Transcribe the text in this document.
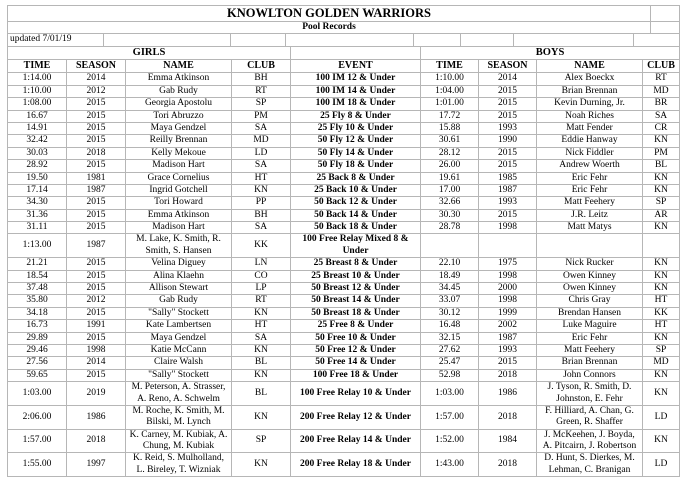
KNOWLTON GOLDEN WARRIORS	
Pool Records	
updated 7/01/19							
GIRLS					BOYS			
TIME	SEASON	NAME	CLUB	EVENT	TIME	SEASON	NAME	CLUB
1:14.00	2014	Emma Atkinson	BH	100 IM 12 & Under	1:10.00	2014	Alex Boeckx	RT
1:10.00	2012	Gab Rudy	RT	100 IM 14 & Under	1:04.00	2015	Brian Brennan	MD
1:08.00	2015	Georgia Apostolu	SP	100 IM 18 & Under	1:01.00	2015	Kevin Durning, Jr.	BR
16.67	2015	Tori Abruzzo	PM	25 Fly 8 & Under	17.72	2015	Noah Riches	SA
14.91	2015	Maya Gendzel	SA	25 Fly 10 & Under	15.88	1993	Matt Fender	CR
32.42	2015	Reilly Brennan	MD	50 Fly 12 & Under	30.61	1990	Eddie Hanway	KN
30.03	2018	Kelly Mekoue	LD	50 Fly 14 & Under	28.12	2015	Nick Fiddler	PM
28.92	2015	Madison Hart	SA	50 Fly 18 & Under	26.00	2015	Andrew Woerth	BL
19.50	1981	Grace Cornelius	HT	25 Back 8 & Under	19.61	1985	Eric Fehr	KN
17.14	1987	Ingrid Gotchell	KN	25 Back 10 & Under	17.00	1987	Eric Fehr	KN
34.30	2015	Tori Howard	PP	50 Back 12 & Under	32.66	1993	Matt Feehery	SP
31.36	2015	Emma Atkinson	BH	50 Back 14 & Under	30.30	2015	J.R. Leitz	AR
31.11	2015	Madison Hart	SA	50 Back 18 & Under	28.78	1998	Matt Matys	KN
1:13.00	1987	M. Lake, K. Smith, R. Smith, S. Hansen	KK	100 Free Relay Mixed 8 & Under				
21.21	2015	Velina Diguey	LN	25 Breast 8 & Under	22.10	1975	Nick Rucker	KN
18.54	2015	Alina Klaehn	CO	25 Breast 10 & Under	18.49	1998	Owen Kinney	KN
37.48	2015	Allison Stewart	LP	50 Breast 12 & Under	34.45	2000	Owen Kinney	KN
35.80	2012	Gab Rudy	RT	50 Breast 14 & Under	33.07	1998	Chris Gray	HT
34.18	2015	"Sally" Stockett	KN	50 Breast 18 & Under	30.12	1999	Brendan Hansen	KK
16.73	1991	Kate Lambertsen	HT	25 Free 8 & Under	16.48	2002	Luke Maguire	HT
29.89	2015	Maya Gendzel	SA	50 Free 10 & Under	32.15	1987	Eric Fehr	KN
29.46	1998	Katie McCann	KN	50 Free 12 & Under	27.62	1993	Matt Feehery	SP
27.56	2014	Claire Walsh	BL	50 Free 14 & Under	25.47	2015	Brian Brennan	MD
59.65	2015	"Sally" Stockett	KN	100 Free 18 & Under	52.98	2018	John Connors	KN
1:03.00	2019	M. Peterson, A. Strasser, A. Reno, A. Schwelm	BL	100 Free Relay 10 & Under	1:03.00	1986	J. Tyson, R. Smith, D. Johnston, E. Fehr	KN
2:06.00	1986	M. Roche, K. Smith, M. Bilski, M. Lynch	KN	200 Free Relay 12 & Under	1:57.00	2018	F. Hilliard, A. Chan, G. Green, R. Shaffer	LD
1:57.00	2018	K. Carney, M. Kubiak, A. Chung, M. Kubiak	SP	200 Free Relay 14 & Under	1:52.00	1984	J. McKeehen, J. Boyda, A. Pitcairn, J. Robertson	KN
1:55.00	1997	K. Reid, S. Mulholland, L. Bireley, T. Wizniak	KN	200 Free Relay 18 & Under	1:43.00	2018	D. Hunt, S. Dierkes, M. Lehman, C. Branigan	LD
